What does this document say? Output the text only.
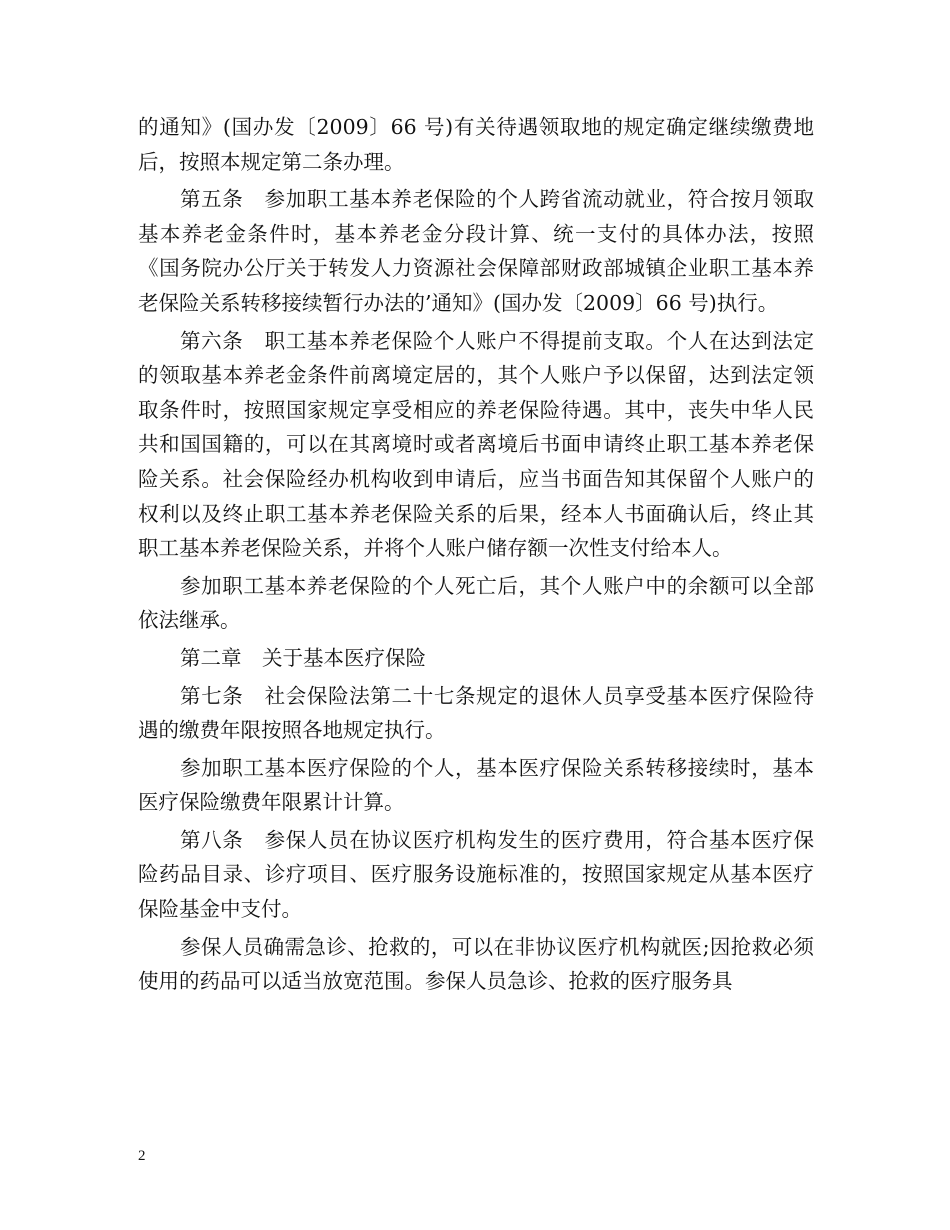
的通知》(国办发〔2009〕66 号)有关待遇领取地的规定确定继续缴费地后，按照本规定第二条办理。

第五条　参加职工基本养老保险的个人跨省流动就业，符合按月领取基本养老金条件时，基本养老金分段计算、统一支付的具体办法，按照《国务院办公厅关于转发人力资源社会保障部财政部城镇企业职工基本养老保险关系转移接续暂行办法的’通知》(国办发〔2009〕66 号)执行。

第六条　职工基本养老保险个人账户不得提前支取。个人在达到法定的领取基本养老金条件前离境定居的，其个人账户予以保留，达到法定领取条件时，按照国家规定享受相应的养老保险待遇。其中，丧失中华人民共和国国籍的，可以在其离境时或者离境后书面申请终止职工基本养老保险关系。社会保险经办机构收到申请后，应当书面告知其保留个人账户的权利以及终止职工基本养老保险关系的后果，经本人书面确认后，终止其职工基本养老保险关系，并将个人账户储存额一次性支付给本人。

参加职工基本养老保险的个人死亡后，其个人账户中的余额可以全部依法继承。

第二章　关于基本医疗保险

第七条　社会保险法第二十七条规定的退休人员享受基本医疗保险待遇的缴费年限按照各地规定执行。

参加职工基本医疗保险的个人，基本医疗保险关系转移接续时，基本医疗保险缴费年限累计计算。

第八条　参保人员在协议医疗机构发生的医疗费用，符合基本医疗保险药品目录、诊疗项目、医疗服务设施标准的，按照国家规定从基本医疗保险基金中支付。

参保人员确需急诊、抢救的，可以在非协议医疗机构就医;因抢救必须使用的药品可以适当放宽范围。参保人员急诊、抢救的医疗服务具

2
